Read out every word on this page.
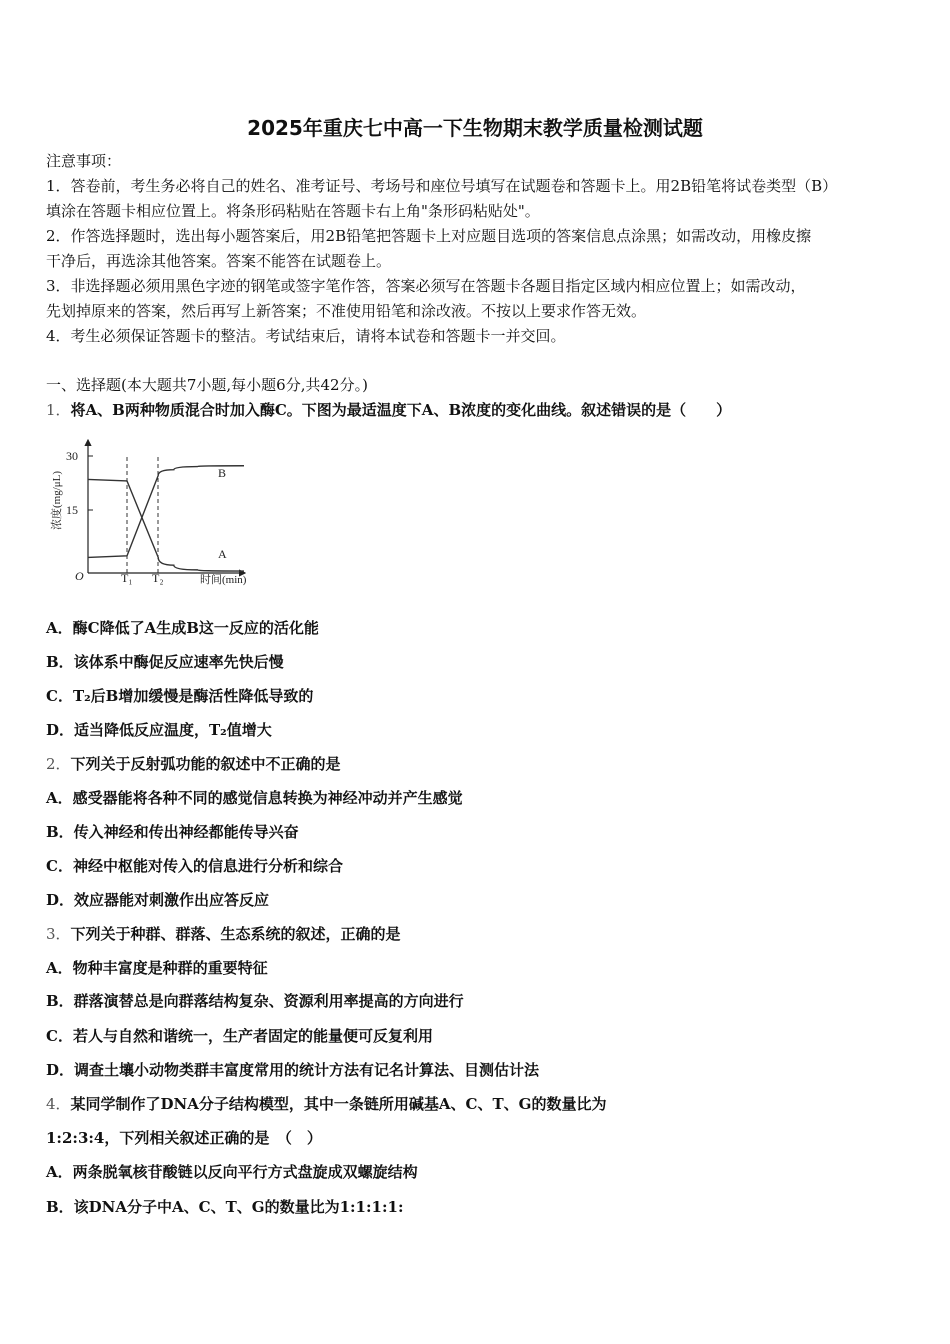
2025年重庆七中高一下生物期末教学质量检测试题
注意事项：
1．答卷前，考生务必将自己的姓名、准考证号、考场号和座位号填写在试题卷和答题卡上。用2B铅笔将试卷类型（B）
填涂在答题卡相应位置上。将条形码粘贴在答题卡右上角"条形码粘贴处"。
2．作答选择题时，选出每小题答案后，用2B铅笔把答题卡上对应题目选项的答案信息点涂黑；如需改动，用橡皮擦
干净后，再选涂其他答案。答案不能答在试题卷上。
3．非选择题必须用黑色字迹的钢笔或签字笔作答，答案必须写在答题卡各题目指定区域内相应位置上；如需改动，
先划掉原来的答案，然后再写上新答案；不准使用铅笔和涂改液。不按以上要求作答无效。
4．考生必须保证答题卡的整洁。考试结束后，请将本试卷和答题卡一并交回。
一、选择题(本大题共7小题,每小题6分,共42分。)
1．将A、B两种物质混合时加入酶C。下图为最适温度下A、B浓度的变化曲线。叙述错误的是（　　）
30
15
O	T₁ T₂	时间(min)
浓度(mg/μL)
A
B
A．酶C降低了A生成B这一反应的活化能
B．该体系中酶促反应速率先快后慢
C．T₂后B增加缓慢是酶活性降低导致的
D．适当降低反应温度，T₂值增大
2．下列关于反射弧功能的叙述中不正确的是
A．感受器能将各种不同的感觉信息转换为神经冲动并产生感觉
B．传入神经和传出神经都能传导兴奋
C．神经中枢能对传入的信息进行分析和综合
D．效应器能对刺激作出应答反应
3．下列关于种群、群落、生态系统的叙述，正确的是
A．物种丰富度是种群的重要特征
B．群落演替总是向群落结构复杂、资源利用率提高的方向进行
C．若人与自然和谐统一，生产者固定的能量便可反复利用
D．调查土壤小动物类群丰富度常用的统计方法有记名计算法、目测估计法
4．某同学制作了DNA分子结构模型，其中一条链所用碱基A、C、T、G的数量比为
1:2:3:4，下列相关叙述正确的是　（　）
A．两条脱氧核苷酸链以反向平行方式盘旋成双螺旋结构
B．该DNA分子中A、C、T、G的数量比为1:1:1:1:
